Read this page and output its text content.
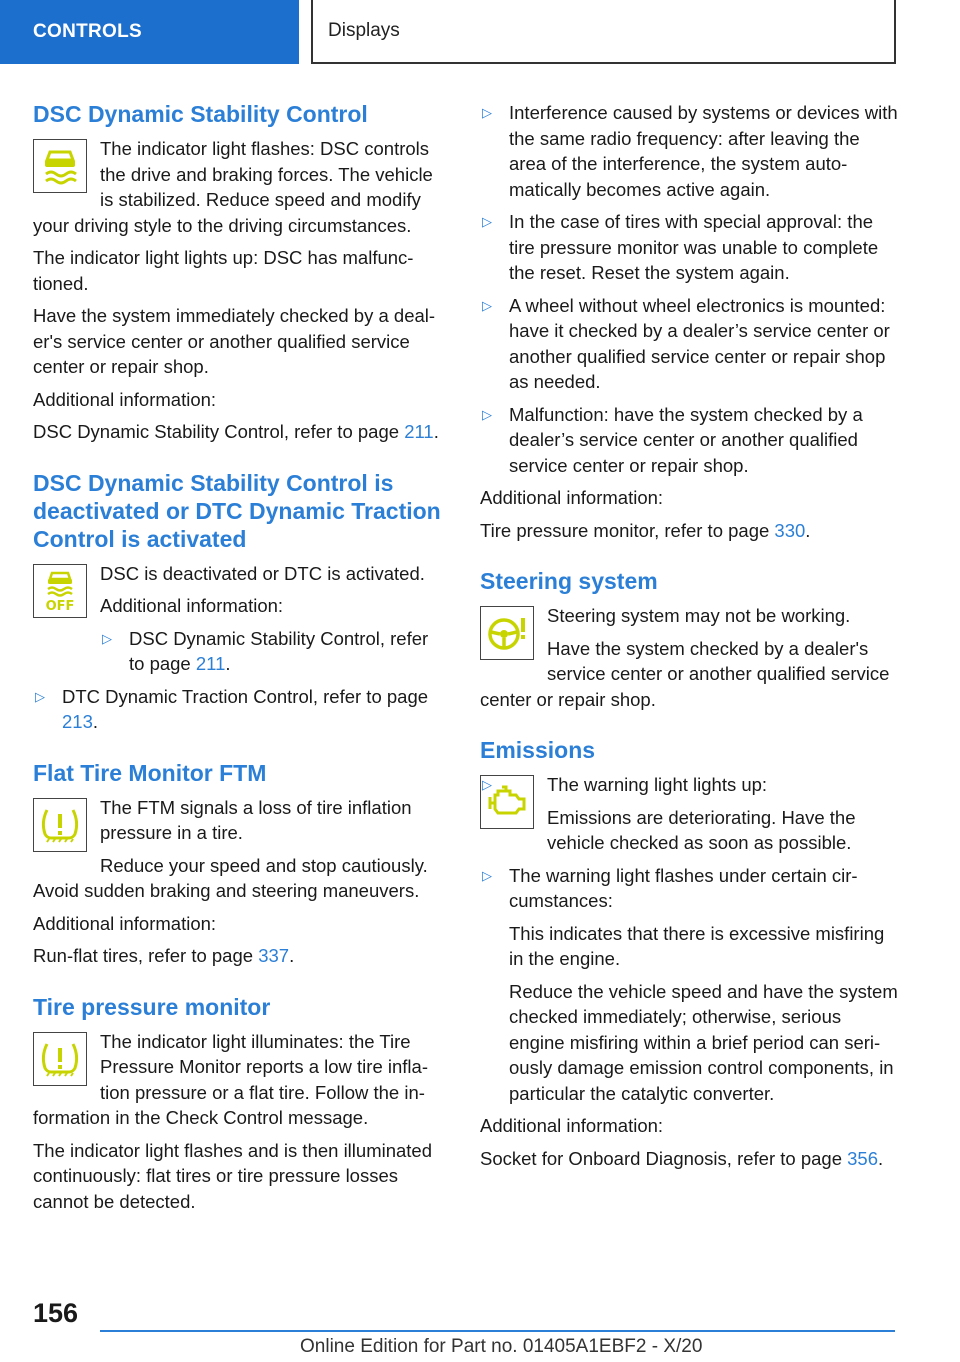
CONTROLS	Displays
DSC Dynamic Stability Control

The indicator light flashes: DSC controls the drive and braking forces. The vehicle is stabilized. Reduce speed and modify your driving style to the driving circumstances.

The indicator light lights up: DSC has malfunctioned.

Have the system immediately checked by a dealer's service center or another qualified service center or repair shop.

Additional information:

DSC Dynamic Stability Control, refer to page 211.

DSC Dynamic Stability Control is deactivated or DTC Dynamic Traction Control is activated
OFF

DSC is deactivated or DTC is activated.

Additional information:

▷ DSC Dynamic Stability Control, refer to page 211.

▷ DTC Dynamic Traction Control, refer to page 213.

Flat Tire Monitor FTM

The FTM signals a loss of tire inflation pressure in a tire.

Reduce your speed and stop cautiously. Avoid sudden braking and steering maneuvers.

Additional information:

Run-flat tires, refer to page 337.

Tire pressure monitor

The indicator light illuminates: the Tire Pressure Monitor reports a low tire inflation pressure or a flat tire. Follow the information in the Check Control message.

The indicator light flashes and is then illuminated continuously: flat tires or tire pressure losses cannot be detected.

▷ Interference caused by systems or devices with the same radio frequency: after leaving the area of the interference, the system automatically becomes active again.

▷ In the case of tires with special approval: the tire pressure monitor was unable to complete the reset. Reset the system again.

▷ A wheel without wheel electronics is mounted: have it checked by a dealer’s service center or another qualified service center or repair shop as needed.

▷ Malfunction: have the system checked by a dealer’s service center or another qualified service center or repair shop.

Additional information:

Tire pressure monitor, refer to page 330.

Steering system

Steering system may not be working.

Have the system checked by a dealer's service center or another qualified service center or repair shop.

Emissions
▷	The warning light lights up:

Emissions are deteriorating. Have the vehicle checked as soon as possible.

▷ The warning light flashes under certain circumstances:

This indicates that there is excessive misfiring in the engine.

Reduce the vehicle speed and have the system checked immediately; otherwise, serious engine misfiring within a brief period can seriously damage emission control components, in particular the catalytic converter.

Additional information:

Socket for Onboard Diagnosis, refer to page 356.

156
Online Edition for Part no. 01405A1EBF2 - X/20
